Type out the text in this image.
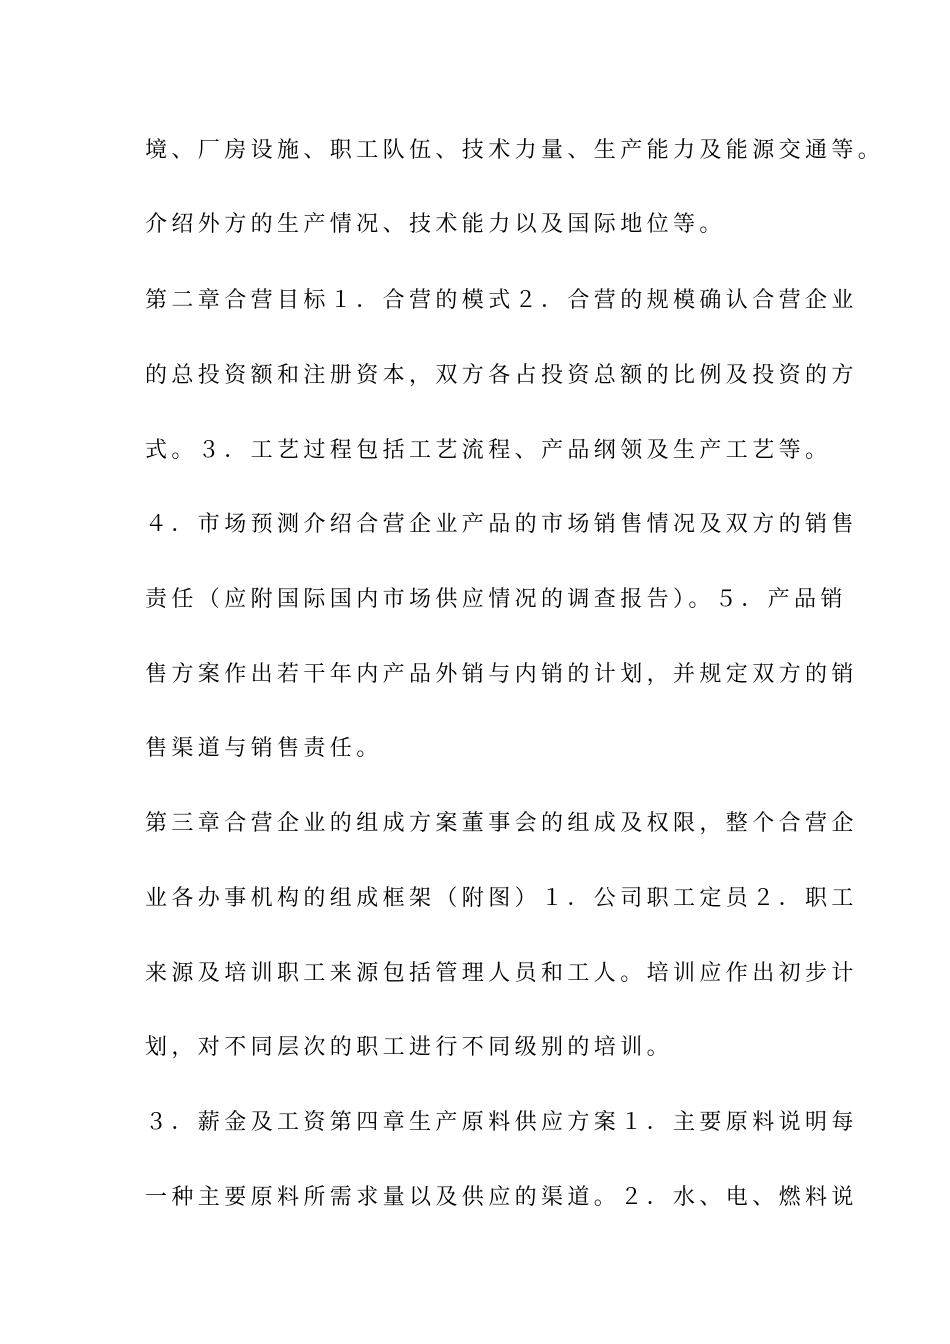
境、厂房设施、职工队伍、技术力量、生产能力及能源交通等。
介绍外方的生产情况、技术能力以及国际地位等。
第二章合营目标１．合营的模式２．合营的规模确认合营企业
的总投资额和注册资本，双方各占投资总额的比例及投资的方
式。３．工艺过程包括工艺流程、产品纲领及生产工艺等。
４．市场预测介绍合营企业产品的市场销售情况及双方的销售
责任（应附国际国内市场供应情况的调查报告）。５．产品销
售方案作出若干年内产品外销与内销的计划，并规定双方的销
售渠道与销售责任。
第三章合营企业的组成方案董事会的组成及权限，整个合营企
业各办事机构的组成框架（附图）１．公司职工定员２．职工
来源及培训职工来源包括管理人员和工人。培训应作出初步计
划，对不同层次的职工进行不同级别的培训。
３．薪金及工资第四章生产原料供应方案１．主要原料说明每
一种主要原料所需求量以及供应的渠道。２．水、电、燃料说
